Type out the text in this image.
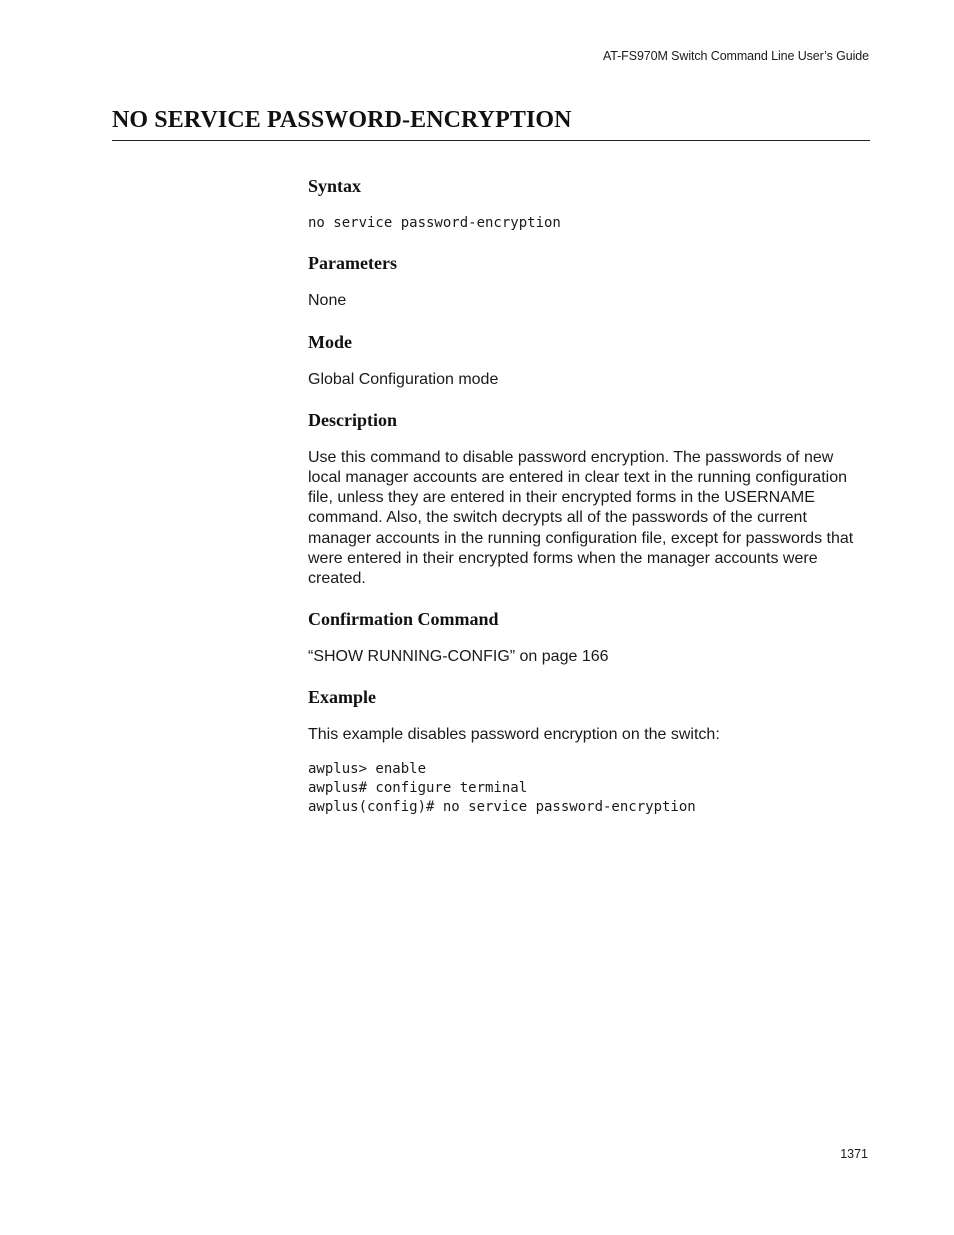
AT-FS970M Switch Command Line User’s Guide
NO SERVICE PASSWORD-ENCRYPTION
Syntax

no service password-encryption

Parameters

None

Mode

Global Configuration mode

Description

Use this command to disable password encryption. The passwords of new local manager accounts are entered in clear text in the running configuration file, unless they are entered in their encrypted forms in the USERNAME command. Also, the switch decrypts all of the passwords of the current manager accounts in the running configuration file, except for passwords that were entered in their encrypted forms when the manager accounts were created.

Confirmation Command

“SHOW RUNNING-CONFIG” on page 166

Example

This example disables password encryption on the switch:

awplus> enable

awplus# configure terminal

awplus(config)# no service password-encryption

1371
